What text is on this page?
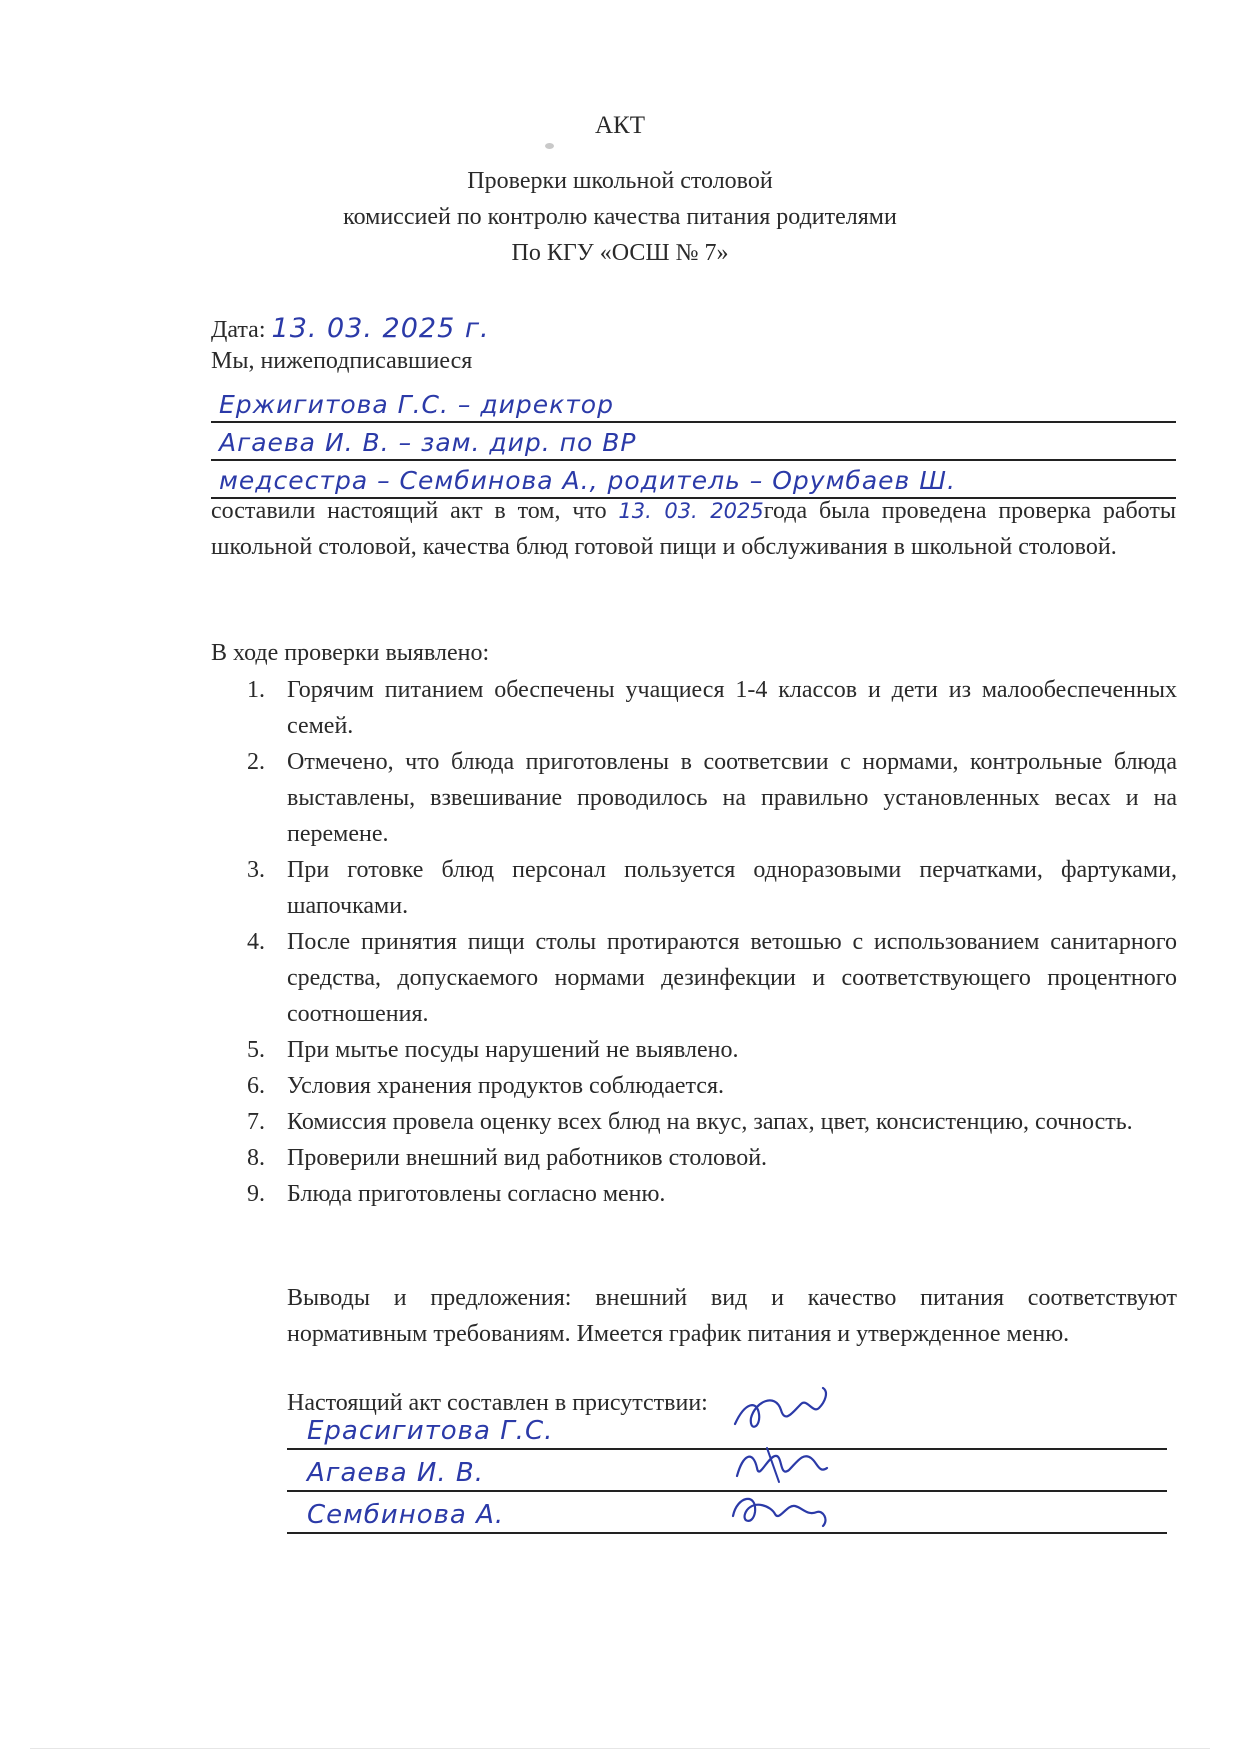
АКТ
Проверки школьной столовой
комиссией по контролю качества питания родителями
По КГУ «ОСШ № 7»
Дата: 13. 03. 2025 г.
Мы, нижеподписавшиеся
Ержигитова Г.С. – директор
Агаева И. В. – зам. дир. по ВР
медсестра – Сембинова А., родитель – Орумбаев Ш.
составили настоящий акт в том, что 13. 03. 2025года была проведена проверка работы школьной столовой, качества блюд готовой пищи и обслуживания в школьной столовой.
В ходе проверки выявлено:
1. Горячим питанием обеспечены учащиеся 1-4 классов и дети из малообеспеченных семей.
2. Отмечено, что блюда приготовлены в соответсвии с нормами, контрольные блюда выставлены, взвешивание проводилось на правильно установленных весах и на перемене.
3. При готовке блюд персонал пользуется одноразовыми перчатками, фартуками, шапочками.
4. После принятия пищи столы протираются ветошью с использованием санитарного средства, допускаемого нормами дезинфекции и соответствующего процентного соотношения.
5. При мытье посуды нарушений не выявлено.
6. Условия хранения продуктов соблюдается.
7. Комиссия провела оценку всех блюд на вкус, запах, цвет, консистенцию, сочность.
8. Проверили внешний вид работников столовой.
9. Блюда приготовлены согласно меню.
Выводы и предложения: внешний вид и качество питания соответствуют нормативным требованиям. Имеется график питания и утвержденное меню.
Настоящий акт составлен в присутствии:
Ерасигитова Г.С.
Агаева И. В.
Сембинова А.
